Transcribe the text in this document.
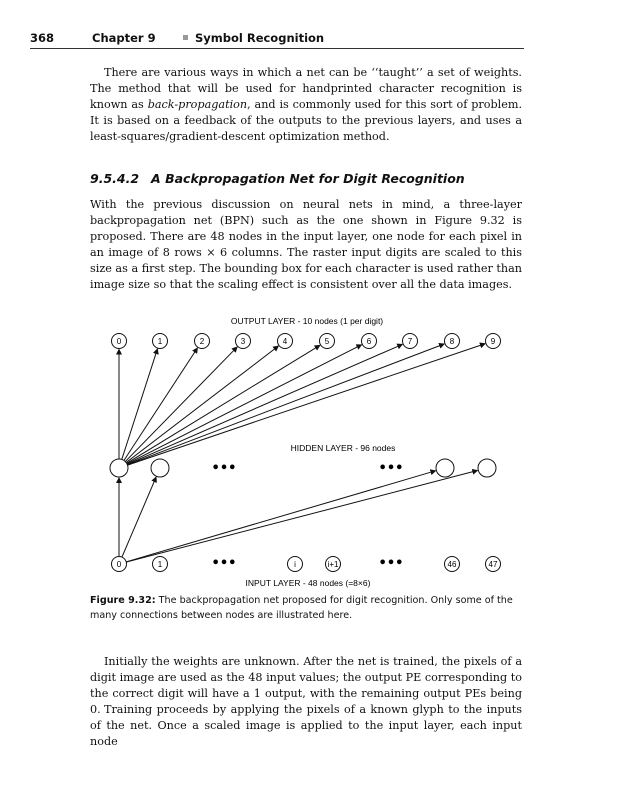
368	Chapter 9	Symbol Recognition

There are various ways in which a net can be ‘‘taught’’ a set of weights. The method that will be used for handprinted character recognition is known as back-propagation, and is commonly used for this sort of problem. It is based on a feedback of the outputs to the previous layers, and uses a least-squares/gradient-descent optimization method.

9.5.4.2 A Backpropagation Net for Digit Recognition

With the previous discussion on neural nets in mind, a three-layer backpropagation net (BPN) such as the one shown in Figure 9.32 is proposed. There are 48 nodes in the input layer, one node for each pixel in an image of 8 rows × 6 columns. The raster input digits are scaled to this size as a first step. The bounding box for each character is used rather than image size so that the scaling effect is consistent over all the data images.

OUTPUT LAYER - 10 nodes (1 per digit)
HIDDEN LAYER - 96 nodes
INPUT LAYER - 48 nodes (=8×6)
0	1	2	3	4	5	6	7	8	9
0	1	i	i+1	46	47
•••	•••
•••	•••

Figure 9.32: The backpropagation net proposed for digit recognition. Only some of the many connections between nodes are illustrated here.

Initially the weights are unknown. After the net is trained, the pixels of a digit image are used as the 48 input values; the output PE corresponding to the correct digit will have a 1 output, with the remaining output PEs being 0. Training proceeds by applying the pixels of a known glyph to the inputs of the net. Once a scaled image is applied to the input layer, each input node
